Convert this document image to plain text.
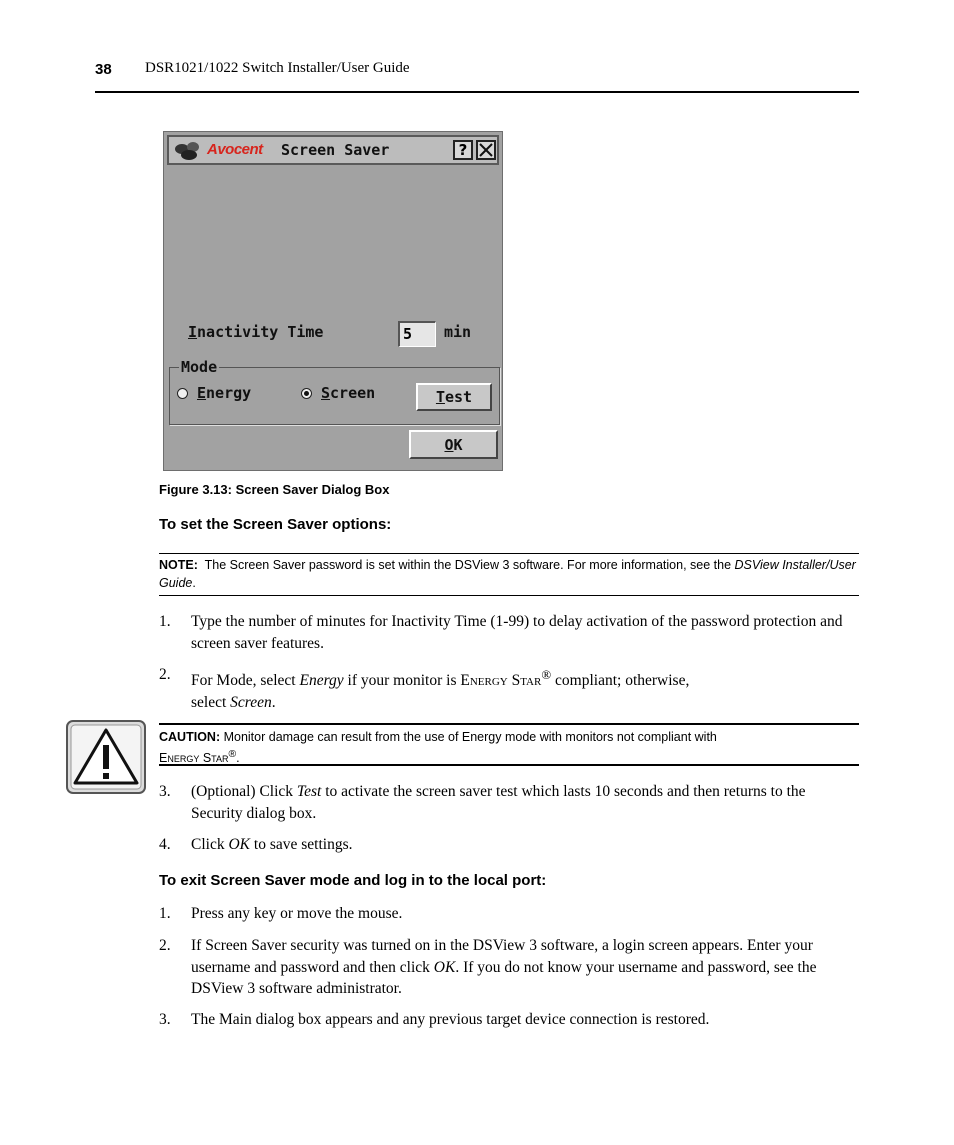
38 DSR1021/1022 Switch Installer/User Guide
Avocent Screen Saver	?
Inactivity Time	5	min
Mode
Energy	Screen	T est
O K
Figure 3.13: Screen Saver Dialog Box
To set the Screen Saver options:
NOTE: The Screen Saver password is set within the DSView 3 software. For more information, see the DSView Installer/User Guide.
1. Type the number of minutes for Inactivity Time (1-99) to delay activation of the password protection and screen saver features.
2. For Mode, select Energy if your monitor is Energy Star® compliant; otherwise,
select Screen.
CAUTION: Monitor damage can result from the use of Energy mode with monitors not compliant with
Energy Star®.
3. (Optional) Click Test to activate the screen saver test which lasts 10 seconds and then returns to the Security dialog box.
4. Click OK to save settings.
To exit Screen Saver mode and log in to the local port:
1. Press any key or move the mouse.
2. If Screen Saver security was turned on in the DSView 3 software, a login screen appears. Enter your username and password and then click OK. If you do not know your username and password, see the DSView 3 software administrator.
3. The Main dialog box appears and any previous target device connection is restored.
